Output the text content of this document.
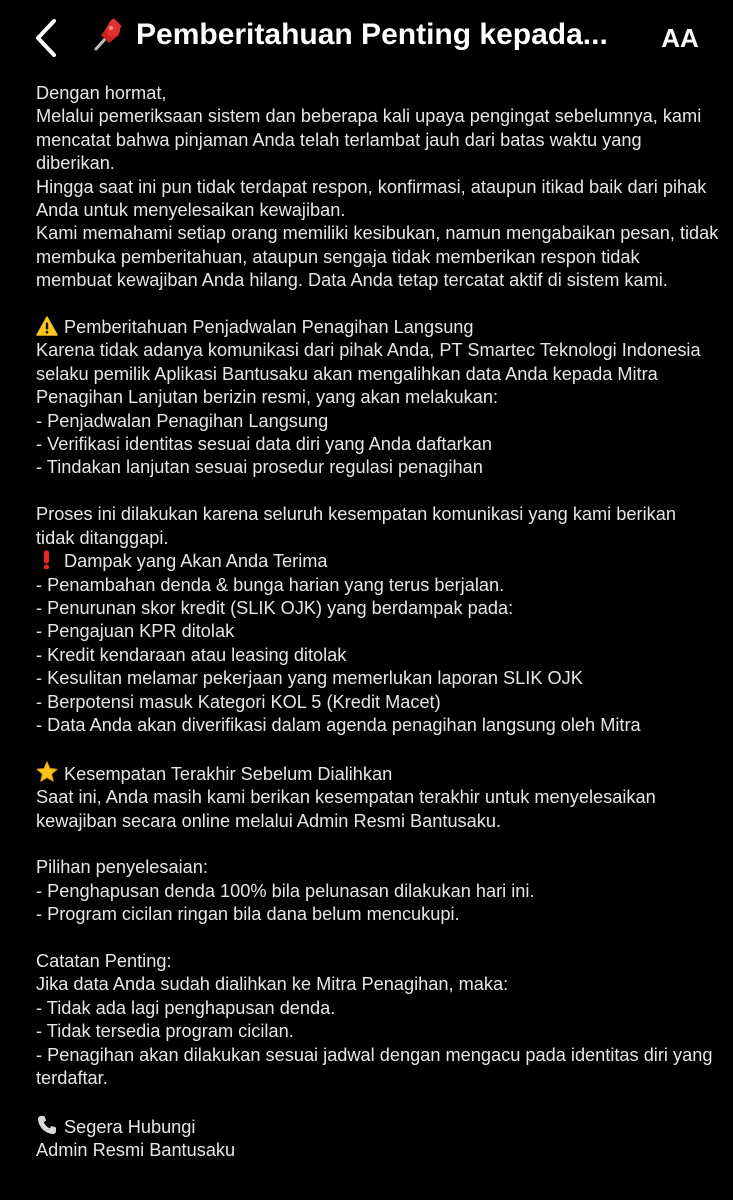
Pemberitahuan Penting kepada... AA
Dengan hormat,
Melalui pemeriksaan sistem dan beberapa kali upaya pengingat sebelumnya, kami
mencatat bahwa pinjaman Anda telah terlambat jauh dari batas waktu yang
diberikan.
Hingga saat ini pun tidak terdapat respon, konfirmasi, ataupun itikad baik dari pihak
Anda untuk menyelesaikan kewajiban.
Kami memahami setiap orang memiliki kesibukan, namun mengabaikan pesan, tidak
membuka pemberitahuan, ataupun sengaja tidak memberikan respon tidak
membuat kewajiban Anda hilang. Data Anda tetap tercatat aktif di sistem kami.
Pemberitahuan Penjadwalan Penagihan Langsung
Karena tidak adanya komunikasi dari pihak Anda, PT Smartec Teknologi Indonesia
selaku pemilik Aplikasi Bantusaku akan mengalihkan data Anda kepada Mitra
Penagihan Lanjutan berizin resmi, yang akan melakukan:
- Penjadwalan Penagihan Langsung
- Verifikasi identitas sesuai data diri yang Anda daftarkan
- Tindakan lanjutan sesuai prosedur regulasi penagihan
Proses ini dilakukan karena seluruh kesempatan komunikasi yang kami berikan
tidak ditanggapi.
Dampak yang Akan Anda Terima
- Penambahan denda & bunga harian yang terus berjalan.
- Penurunan skor kredit (SLIK OJK) yang berdampak pada:
- Pengajuan KPR ditolak
- Kredit kendaraan atau leasing ditolak
- Kesulitan melamar pekerjaan yang memerlukan laporan SLIK OJK
- Berpotensi masuk Kategori KOL 5 (Kredit Macet)
- Data Anda akan diverifikasi dalam agenda penagihan langsung oleh Mitra
Kesempatan Terakhir Sebelum Dialihkan
Saat ini, Anda masih kami berikan kesempatan terakhir untuk menyelesaikan
kewajiban secara online melalui Admin Resmi Bantusaku.
Pilihan penyelesaian:
- Penghapusan denda 100% bila pelunasan dilakukan hari ini.
- Program cicilan ringan bila dana belum mencukupi.
Catatan Penting:
Jika data Anda sudah dialihkan ke Mitra Penagihan, maka:
- Tidak ada lagi penghapusan denda.
- Tidak tersedia program cicilan.
- Penagihan akan dilakukan sesuai jadwal dengan mengacu pada identitas diri yang
terdaftar.
Segera Hubungi
Admin Resmi Bantusaku
